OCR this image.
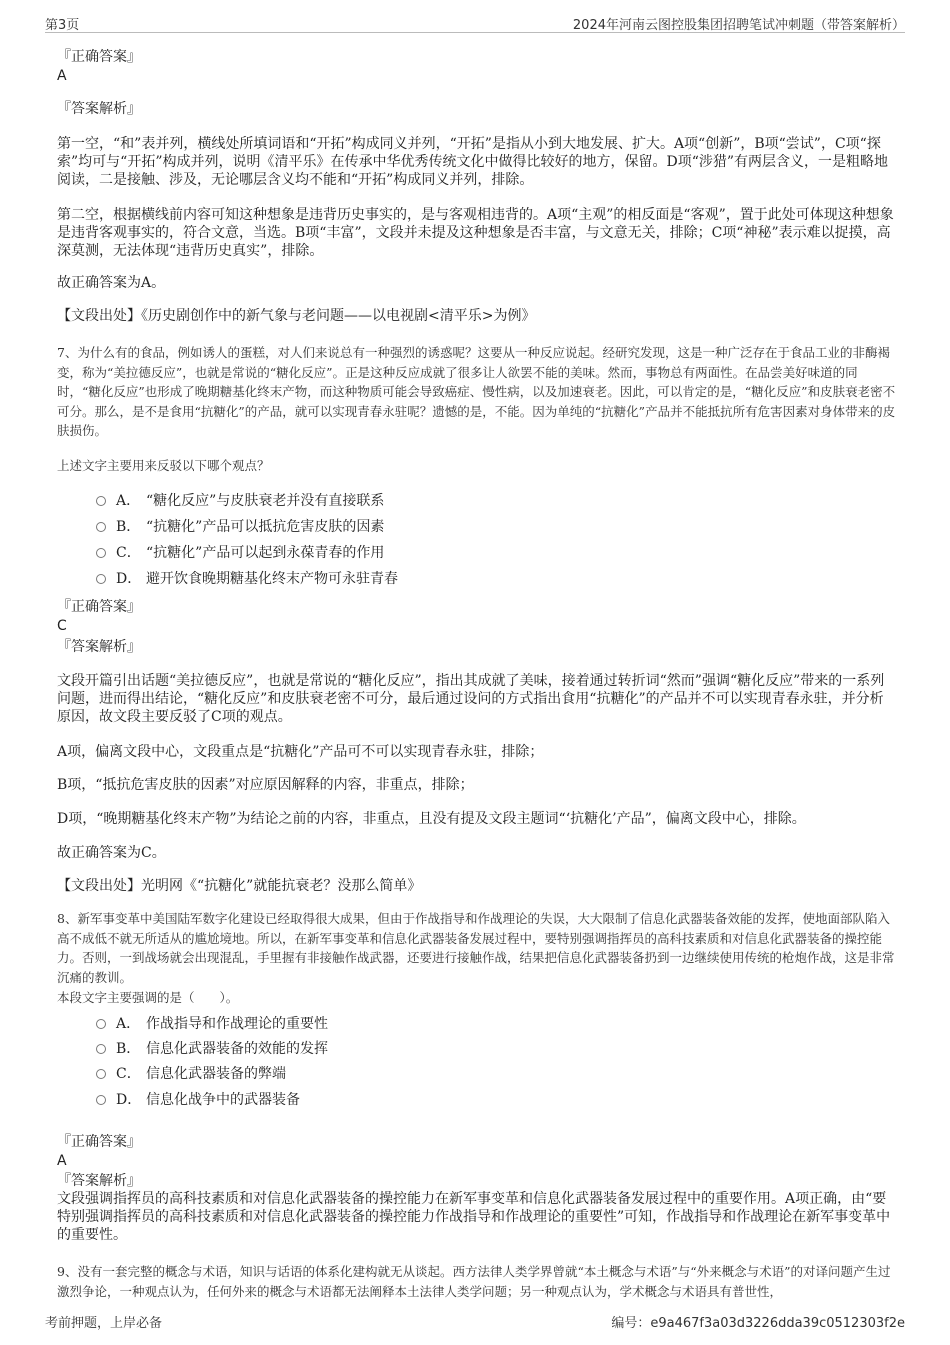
第3页	2024年河南云图控股集团招聘笔试冲刺题（带答案解析）
『正确答案』
A
『答案解析』
第一空，“和”表并列，横线处所填词语和“开拓”构成同义并列，“开拓”是指从小到大地发展、扩大。A项“创新”，B项“尝试”，C项“探索”均可与“开拓”构成并列，说明《清平乐》在传承中华优秀传统文化中做得比较好的地方，保留。D项“涉猎”有两层含义，一是粗略地阅读，二是接触、涉及，无论哪层含义均不能和“开拓”构成同义并列，排除。
第二空，根据横线前内容可知这种想象是违背历史事实的，是与客观相违背的。A项“主观”的相反面是“客观”，置于此处可体现这种想象是违背客观事实的，符合文意，当选。B项“丰富”，文段并未提及这种想象是否丰富，与文意无关，排除；C项“神秘”表示难以捉摸，高深莫测，无法体现“违背历史真实”，排除。
故正确答案为A。
【文段出处】《历史剧创作中的新气象与老问题——以电视剧<清平乐>为例》
7、为什么有的食品，例如诱人的蛋糕，对人们来说总有一种强烈的诱惑呢？这要从一种反应说起。经研究发现，这是一种广泛存在于食品工业的非酶褐变，称为“美拉德反应”，也就是常说的“糖化反应”。正是这种反应成就了很多让人欲罢不能的美味。然而，事物总有两面性。在品尝美好味道的同时，“糖化反应”也形成了晚期糖基化终末产物，而这种物质可能会导致癌症、慢性病，以及加速衰老。因此，可以肯定的是，“糖化反应”和皮肤衰老密不可分。那么，是不是食用“抗糖化”的产品，就可以实现青春永驻呢？遗憾的是，不能。因为单纯的“抗糖化”产品并不能抵抗所有危害因素对身体带来的皮肤损伤。
上述文字主要用来反驳以下哪个观点？
A． “糖化反应”与皮肤衰老并没有直接联系
B． “抗糖化”产品可以抵抗危害皮肤的因素
C． “抗糖化”产品可以起到永葆青春的作用
D． 避开饮食晚期糖基化终末产物可永驻青春
『正确答案』
C
『答案解析』
文段开篇引出话题“美拉德反应”，也就是常说的“糖化反应”，指出其成就了美味，接着通过转折词“然而”强调“糖化反应”带来的一系列问题，进而得出结论，“糖化反应”和皮肤衰老密不可分，最后通过设问的方式指出食用“抗糖化”的产品并不可以实现青春永驻，并分析原因，故文段主要反驳了C项的观点。
A项，偏离文段中心，文段重点是“抗糖化”产品可不可以实现青春永驻，排除；
B项，“抵抗危害皮肤的因素”对应原因解释的内容，非重点，排除；
D项，“晚期糖基化终末产物”为结论之前的内容，非重点，且没有提及文段主题词“‘抗糖化’产品”，偏离文段中心，排除。
故正确答案为C。
【文段出处】光明网《“抗糖化”就能抗衰老？没那么简单》
8、新军事变革中美国陆军数字化建设已经取得很大成果，但由于作战指导和作战理论的失误，大大限制了信息化武器装备效能的发挥，使地面部队陷入高不成低不就无所适从的尴尬境地。所以，在新军事变革和信息化武器装备发展过程中，要特别强调指挥员的高科技素质和对信息化武器装备的操控能力。否则，一到战场就会出现混乱，手里握有非接触作战武器，还要进行接触作战，结果把信息化武器装备扔到一边继续使用传统的枪炮作战，这是非常沉痛的教训。
本段文字主要强调的是（　　）。
A． 作战指导和作战理论的重要性
B． 信息化武器装备的效能的发挥
C． 信息化武器装备的弊端
D． 信息化战争中的武器装备
『正确答案』
A
『答案解析』
文段强调指挥员的高科技素质和对信息化武器装备的操控能力在新军事变革和信息化武器装备发展过程中的重要作用。A项正确，由“要特别强调指挥员的高科技素质和对信息化武器装备的操控能力作战指导和作战理论的重要性”可知，作战指导和作战理论在新军事变革中的重要性。
9、没有一套完整的概念与术语，知识与话语的体系化建构就无从谈起。西方法律人类学界曾就“本土概念与术语”与“外来概念与术语”的对译问题产生过激烈争论，一种观点认为，任何外来的概念与术语都无法阐释本土法律人类学问题；另一种观点认为，学术概念与术语具有普世性，
考前押题，上岸必备	编号：e9a467f3a03d3226dda39c0512303f2e
